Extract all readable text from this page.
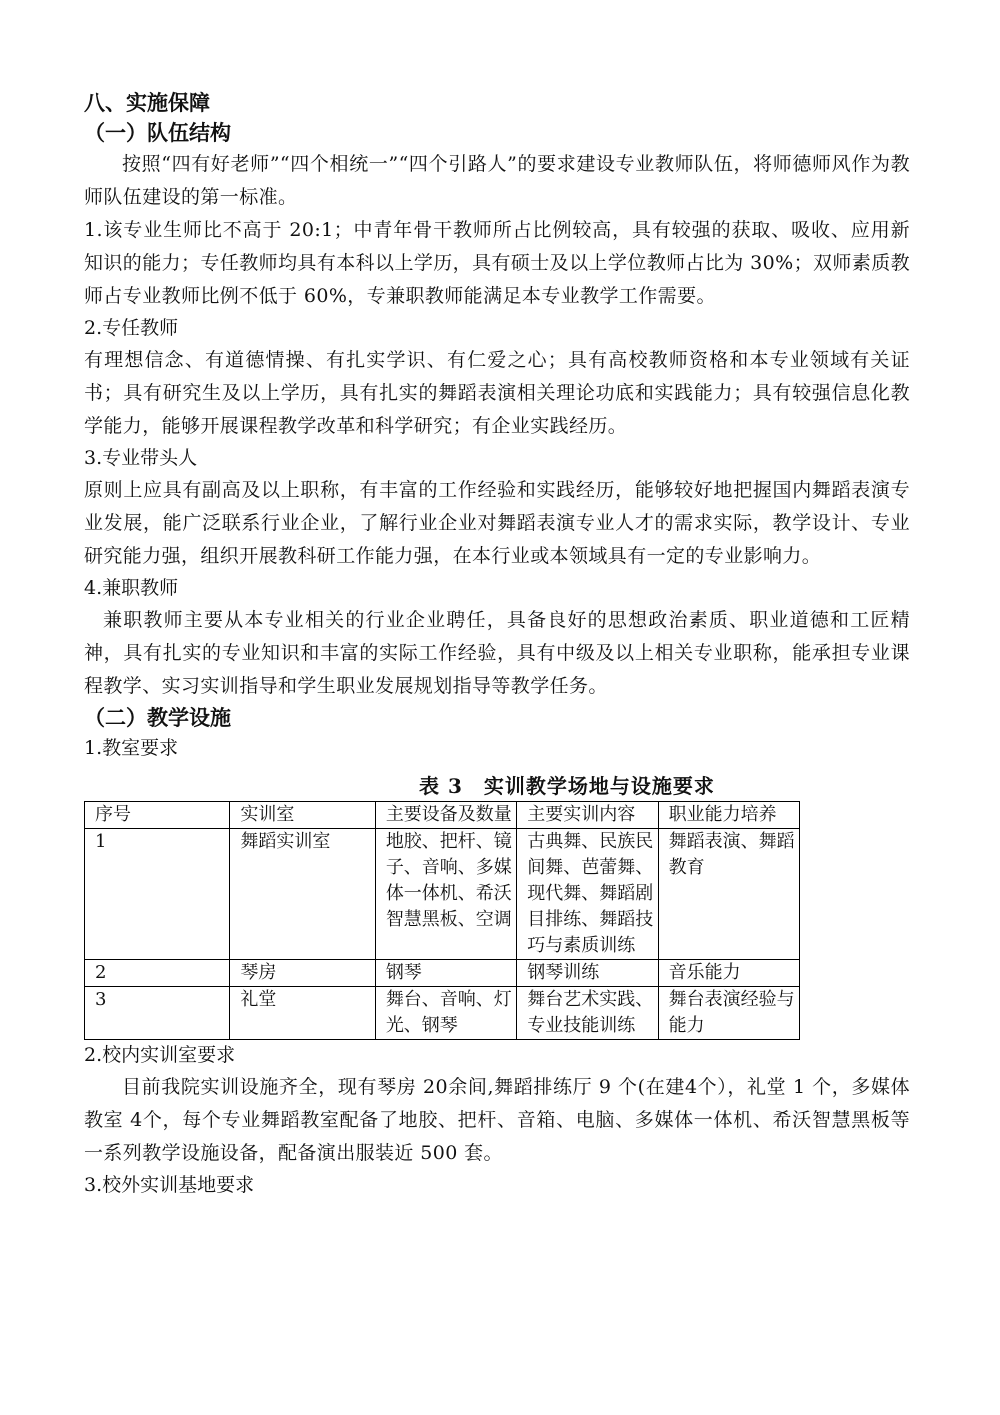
八、实施保障

（一）队伍结构

按照“四有好老师”“四个相统一”“四个引路人”的要求建设专业教师队伍，将师德师风作为教师队伍建设的第一标准。

1.该专业生师比不高于 20:1；中青年骨干教师所占比例较高，具有较强的获取、吸收、应用新知识的能力；专任教师均具有本科以上学历，具有硕士及以上学位教师占比为 30%；双师素质教师占专业教师比例不低于 60%，专兼职教师能满足本专业教学工作需要。

2.专任教师

有理想信念、有道德情操、有扎实学识、有仁爱之心；具有高校教师资格和本专业领域有关证书；具有研究生及以上学历，具有扎实的舞蹈表演相关理论功底和实践能力；具有较强信息化教学能力，能够开展课程教学改革和科学研究；有企业实践经历。

3.专业带头人

原则上应具有副高及以上职称，有丰富的工作经验和实践经历，能够较好地把握国内舞蹈表演专业发展，能广泛联系行业企业，了解行业企业对舞蹈表演专业人才的需求实际，教学设计、专业研究能力强，组织开展教科研工作能力强，在本行业或本领域具有一定的专业影响力。

4.兼职教师

兼职教师主要从本专业相关的行业企业聘任，具备良好的思想政治素质、职业道德和工匠精神，具有扎实的专业知识和丰富的实际工作经验，具有中级及以上相关专业职称，能承担专业课程教学、实习实训指导和学生职业发展规划指导等教学任务。

（二）教学设施

1.教室要求

表 3　实训教学场地与设施要求

序号	实训室	主要设备及数量	主要实训内容	职业能力培养
1	舞蹈实训室	地胶、把杆、镜子、音响、多媒体一体机、希沃智慧黑板、空调	古典舞、民族民间舞、芭蕾舞、现代舞、舞蹈剧目排练、舞蹈技巧与素质训练	舞蹈表演、舞蹈教育
2	琴房	钢琴	钢琴训练	音乐能力
3	礼堂	舞台、音响、灯光、钢琴	舞台艺术实践、专业技能训练	舞台表演经验与能力

2.校内实训室要求

目前我院实训设施齐全，现有琴房 20余间,舞蹈排练厅 9 个(在建4个），礼堂 1 个，多媒体教室 4个，每个专业舞蹈教室配备了地胶、把杆、音箱、电脑、多媒体一体机、希沃智慧黑板等一系列教学设施设备，配备演出服装近 500 套。

3.校外实训基地要求
